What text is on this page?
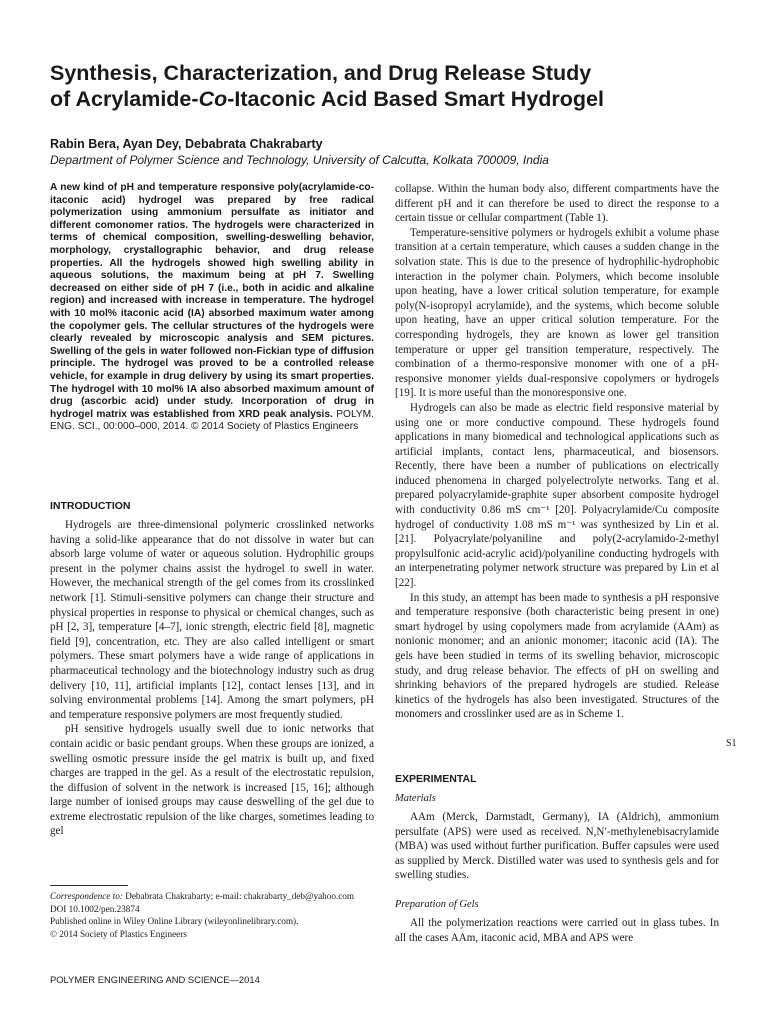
Synthesis, Characterization, and Drug Release Study
of Acrylamide-Co-Itaconic Acid Based Smart Hydrogel
Rabin Bera, Ayan Dey, Debabrata Chakrabarty
Department of Polymer Science and Technology, University of Calcutta, Kolkata 700009, India
A new kind of pH and temperature responsive poly(acrylamide-co-itaconic acid) hydrogel was prepared by free radical polymerization using ammonium persulfate as initiator and different comonomer ratios. The hydrogels were characterized in terms of chemical composition, swelling-deswelling behavior, morphology, crystallographic behavior, and drug release properties. All the hydrogels showed high swelling ability in aqueous solutions, the maximum being at pH 7. Swelling decreased on either side of pH 7 (i.e., both in acidic and alkaline region) and increased with increase in temperature. The hydrogel with 10 mol% itaconic acid (IA) absorbed maximum water among the copolymer gels. The cellular structures of the hydrogels were clearly revealed by microscopic analysis and SEM pictures. Swelling of the gels in water followed non-Fickian type of diffusion principle. The hydrogel was proved to be a controlled release vehicle, for example in drug delivery by using its smart properties. The hydrogel with 10 mol% IA also absorbed maximum amount of drug (ascorbic acid) under study. Incorporation of drug in hydrogel matrix was established from XRD peak analysis. POLYM. ENG. SCI., 00:000–000, 2014. © 2014 Society of Plastics Engineers
INTRODUCTION

Hydrogels are three-dimensional polymeric crosslinked networks having a solid-like appearance that do not dissolve in water but can absorb large volume of water or aqueous solution. Hydrophilic groups present in the polymer chains assist the hydrogel to swell in water. However, the mechanical strength of the gel comes from its crosslinked network [1]. Stimuli-sensitive polymers can change their structure and physical properties in response to physical or chemical changes, such as pH [2, 3], temperature [4–7], ionic strength, electric field [8], magnetic field [9], concentration, etc. They are also called intelligent or smart polymers. These smart polymers have a wide range of applications in pharmaceutical technology and the biotechnology industry such as drug delivery [10, 11], artificial implants [12], contact lenses [13], and in solving environmental problems [14]. Among the smart polymers, pH and temperature responsive polymers are most frequently studied.

pH sensitive hydrogels usually swell due to ionic networks that contain acidic or basic pendant groups. When these groups are ionized, a swelling osmotic pressure inside the gel matrix is built up, and fixed charges are trapped in the gel. As a result of the electrostatic repulsion, the diffusion of solvent in the network is increased [15, 16]; although large number of ionised groups may cause deswelling of the gel due to extreme electrostatic repulsion of the like charges, sometimes leading to gel

collapse. Within the human body also, different compartments have the different pH and it can therefore be used to direct the response to a certain tissue or cellular compartment (Table 1).

Temperature-sensitive polymers or hydrogels exhibit a volume phase transition at a certain temperature, which causes a sudden change in the solvation state. This is due to the presence of hydrophilic-hydrophobic interaction in the polymer chain. Polymers, which become insoluble upon heating, have a lower critical solution temperature, for example poly(N-isopropyl acrylamide), and the systems, which become soluble upon heating, have an upper critical solution temperature. For the corresponding hydrogels, they are known as lower gel transition temperature or upper gel transition temperature, respectively. The combination of a thermo-responsive monomer with one of a pH-responsive monomer yields dual-responsive copolymers or hydrogels [19]. It is more useful than the monoresponsive one.

Hydrogels can also be made as electric field responsive material by using one or more conductive compound. These hydrogels found applications in many biomedical and technological applications such as artificial implants, contact lens, pharmaceutical, and biosensors. Recently, there have been a number of publications on electrically induced phenomena in charged polyelectrolyte networks. Tang et al. prepared polyacrylamide-graphite super absorbent composite hydrogel with conductivity 0.86 mS cm⁻¹ [20]. Polyacrylamide/Cu composite hydrogel of conductivity 1.08 mS m⁻¹ was synthesized by Lin et al. [21]. Polyacrylate/polyaniline and poly(2-acrylamido-2-methyl propylsulfonic acid-acrylic acid)/polyaniline conducting hydrogels with an interpenetrating polymer network structure was prepared by Lin et al [22].

In this study, an attempt has been made to synthesis a pH responsive and temperature responsive (both characteristic being present in one) smart hydrogel by using copolymers made from acrylamide (AAm) as nonionic monomer; and an anionic monomer; itaconic acid (IA). The gels have been studied in terms of its swelling behavior, microscopic study, and drug release behavior. The effects of pH on swelling and shrinking behaviors of the prepared hydrogels are studied. Release kinetics of the hydrogels has also been investigated. Structures of the monomers and crosslinker used are as in Scheme 1.

S1
EXPERIMENTAL
Materials

AAm (Merck, Darmstadt, Germany), IA (Aldrich), ammonium persulfate (APS) were used as received. N,N′-methylenebisacrylamide (MBA) was used without further purification. Buffer capsules were used as supplied by Merck. Distilled water was used to synthesis gels and for swelling studies.

Preparation of Gels

All the polymerization reactions were carried out in glass tubes. In all the cases AAm, itaconic acid, MBA and APS were

Correspondence to: Debabrata Chakrabarty; e-mail: chakrabarty_deb@yahoo.com
DOI 10.1002/pen.23874
Published online in Wiley Online Library (wileyonlinelibrary.com).
© 2014 Society of Plastics Engineers
POLYMER ENGINEERING AND SCIENCE—2014
